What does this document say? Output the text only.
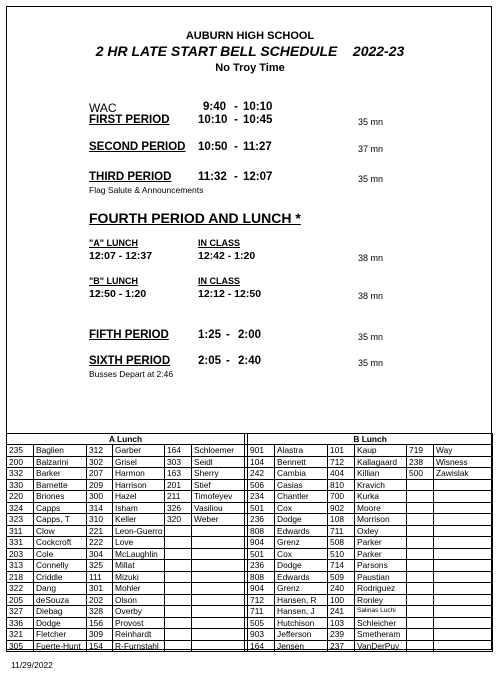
AUBURN HIGH SCHOOL
2 HR LATE START BELL SCHEDULE 2022-23
No Troy Time
WAC	9:40 - 10:10
FIRST PERIOD 10:10 - 10:45	35 mn
SECOND PERIOD 10:50 - 11:27	37 mn
THIRD PERIOD 11:32 - 12:07	35 mn
Flag Salute & Announcements
FOURTH PERIOD AND LUNCH *
"A" LUNCH
12:07 - 12:37
IN CLASS
12:42 - 1:20	38 mn
"B" LUNCH
12:50 - 1:20
IN CLASS
12:12 - 12:50	38 mn
FIFTH PERIOD	1:25 - 2:00	35 mn
SIXTH PERIOD 2:05 - 2:40	35 mn
Busses Depart at 2:46
A Lunch							B Lunch					
235	Baglien	312	Garber	164	Schloemer		901	Alastra	101	Kaup	719	Way
200	Balzarini	302	Grisel	303	Seidl		104	Bennett	712	Kallagaard	238	Wisness
332	Barker	207	Harmon	163	Sherry		242	Cambia	404	Killian	500	Zawislak
330	Barnette	209	Harrison	201	Stief		506	Casias	810	Kravich		
220	Briones	300	Hazel	211	Timofeyev		234	Chantler	700	Kurka		
324	Capps	314	Isham	326	Vasiliou		501	Cox	902	Moore		
323	Capps, T	310	Keller	320	Weber		236	Dodge	108	Morrison		
311	Clow	221	Leon-Guerro				808	Edwards	711	Oxley		
331	Cockcroft	222	Love				904	Grenz	508	Parker		
203	Cole	304	McLaughlin				501	Cox	510	Parker		
313	Connelly	325	Millat				236	Dodge	714	Parsons		
218	Criddle	111	Mizuki				808	Edwards	509	Paustian		
322	Dang	301	Mohler				904	Grenz	240	Rodriguez		
205	deSouza	202	Olson				712	Hansen, R	100	Ronley		
327	Diebag	328	Overby				711	Hansen, J	241	Salinas Luchi		
336	Dodge	156	Provost				505	Hutchison	103	Schleicher		
321	Fletcher	309	Reinhardt				903	Jefferson	239	Smetheram		
305	Fuerte-Hunt	154	R-Furnstahl				164	Jensen	237	VanDerPuy		
11/29/2022
